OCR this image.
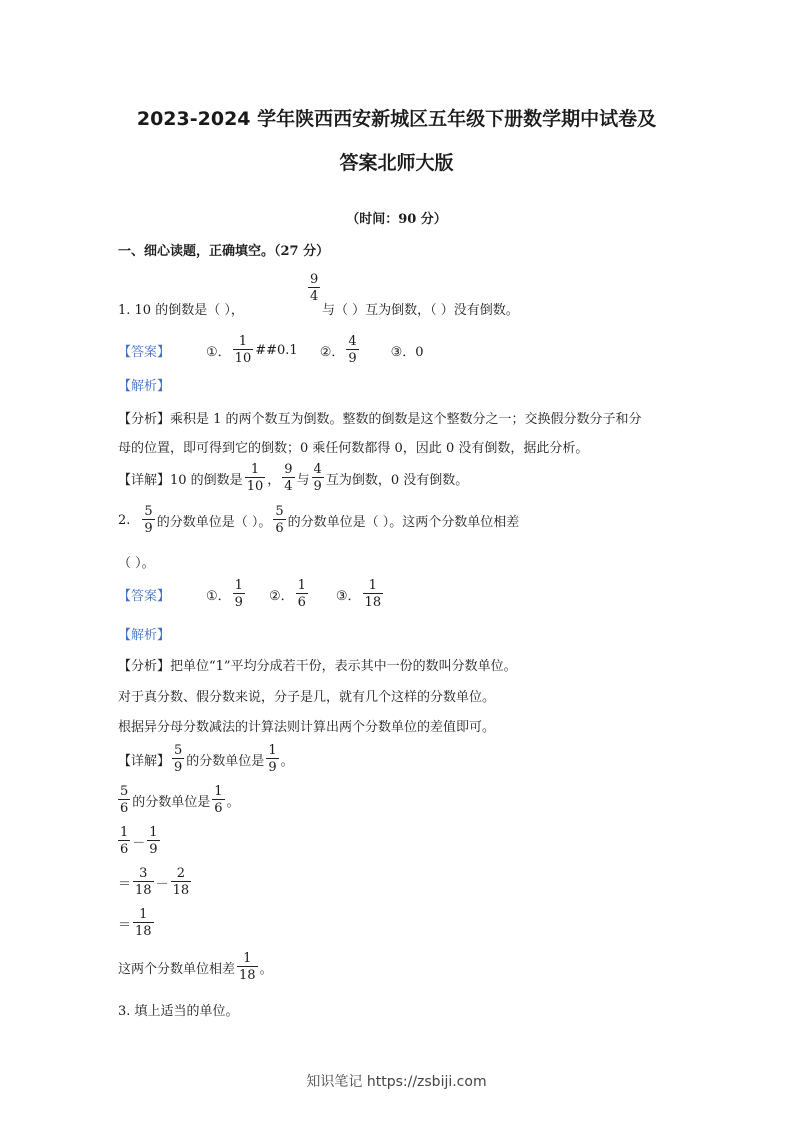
2023-2024 学年陕西西安新城区五年级下册数学期中试卷及
答案北师大版
（时间：90 分）
一、细心读题，正确填空。（27 分）
1. 10 的倒数是（ ），
$\frac{9}{4}$
与（ ）互为倒数，（ ）没有倒数。
【答案】	①． $\frac{1}{10}$ ##0.1 ②． $\frac{4}{9}$ ③．0
【解析】
【分析】乘积是 1 的两个数互为倒数。整数的倒数是这个整数分之一；交换假分数分子和分
母的位置，即可得到它的倒数；0 乘任何数都得 0，因此 0 没有倒数，据此分析。
【详解】10 的倒数是 $\frac{1}{10}$ ， $\frac{9}{4}$ 与 $\frac{4}{9}$ 互为倒数，0 没有倒数。
2. $\frac{5}{9}$ 的分数单位是（ ）。 $\frac{5}{6}$ 的分数单位是（ ）。这两个分数单位相差
（ ）。
【答案】	①． $\frac{1}{9}$ ②． $\frac{1}{6}$ ③． $\frac{1}{18}$
【解析】
【分析】把单位“1”平均分成若干份，表示其中一份的数叫分数单位。
对于真分数、假分数来说，分子是几，就有几个这样的分数单位。
根据异分母分数减法的计算法则计算出两个分数单位的差值即可。
【详解】 $\frac{5}{9}$ 的分数单位是 $\frac{1}{9}$ 。
$\frac{5}{6}$ 的分数单位是 $\frac{1}{6}$ 。
$\frac{1}{6} - \frac{1}{9}$
＝ $\frac{3}{18} - \frac{2}{18}$
＝ $\frac{1}{18}$
这两个分数单位相差 $\frac{1}{18}$ 。
3. 填上适当的单位。
知识笔记 https://zsbiji.com
